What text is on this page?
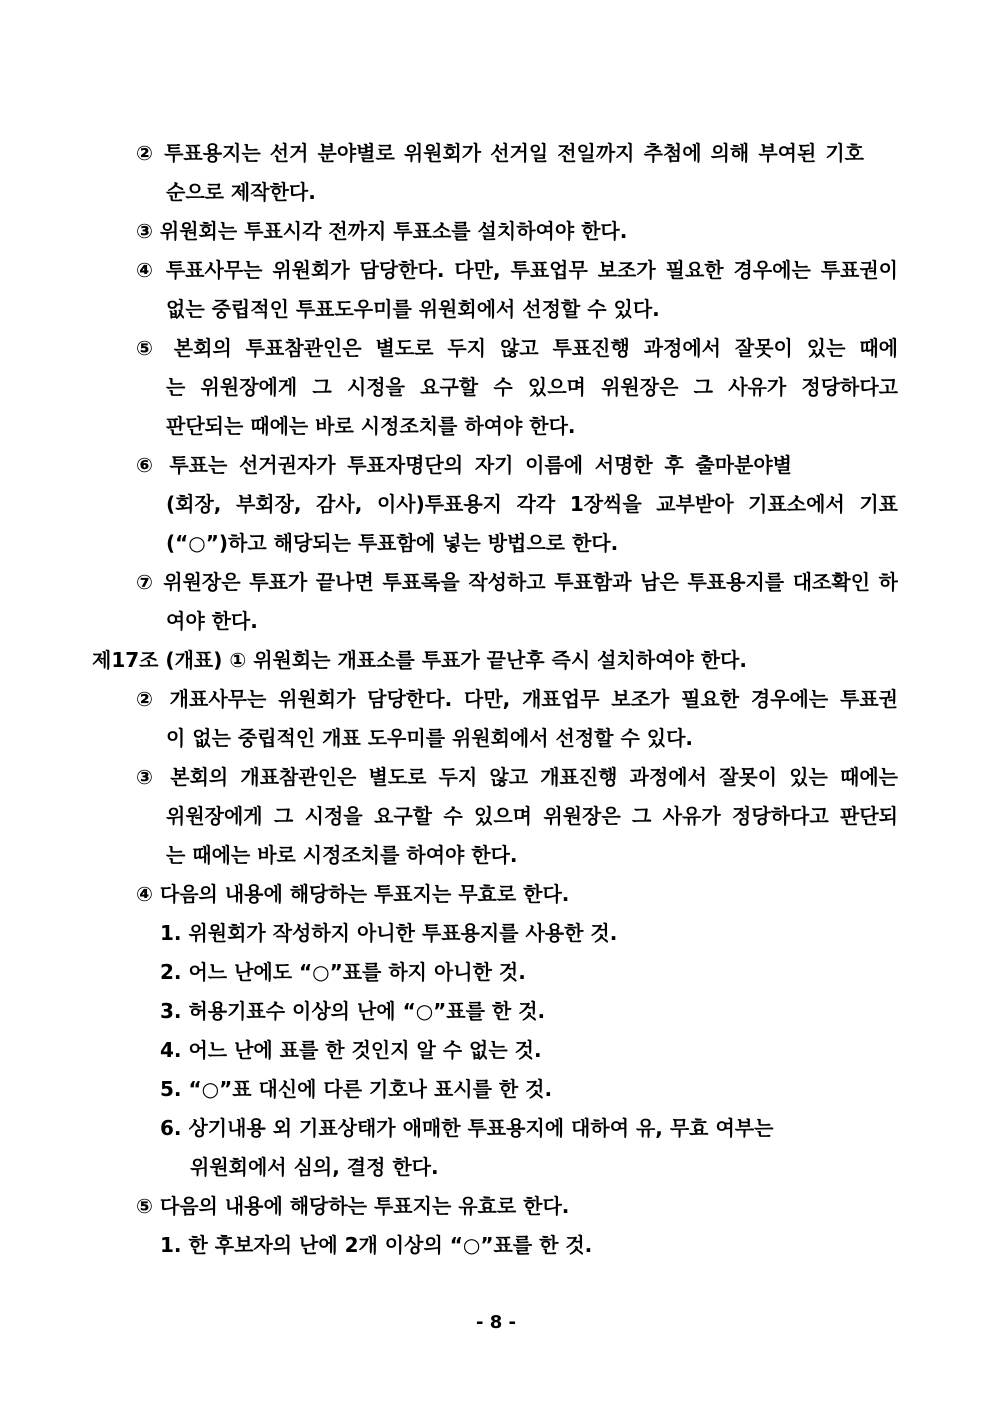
② 투표용지는 선거 분야별로 위원회가 선거일 전일까지 추첨에 의해 부여된 기호
순으로 제작한다.
③ 위원회는 투표시각 전까지 투표소를 설치하여야 한다.
④ 투표사무는 위원회가 담당한다. 다만, 투표업무 보조가 필요한 경우에는 투표권이
없는 중립적인 투표도우미를 위원회에서 선정할 수 있다.
⑤ 본회의 투표참관인은 별도로 두지 않고 투표진행 과정에서 잘못이 있는 때에
는 위원장에게 그 시정을 요구할 수 있으며 위원장은 그 사유가 정당하다고
판단되는 때에는 바로 시정조치를 하여야 한다.
⑥ 투표는 선거권자가 투표자명단의 자기 이름에 서명한 후 출마분야별
(회장, 부회장, 감사, 이사)투표용지 각각 1장씩을 교부받아 기표소에서 기표
(“○”)하고 해당되는 투표함에 넣는 방법으로 한다.
⑦ 위원장은 투표가 끝나면 투표록을 작성하고 투표함과 남은 투표용지를 대조확인 하
여야 한다.
제17조 (개표) ① 위원회는 개표소를 투표가 끝난후 즉시 설치하여야 한다.
② 개표사무는 위원회가 담당한다. 다만, 개표업무 보조가 필요한 경우에는 투표권
이 없는 중립적인 개표 도우미를 위원회에서 선정할 수 있다.
③ 본회의 개표참관인은 별도로 두지 않고 개표진행 과정에서 잘못이 있는 때에는
위원장에게 그 시정을 요구할 수 있으며 위원장은 그 사유가 정당하다고 판단되
는 때에는 바로 시정조치를 하여야 한다.
④ 다음의 내용에 해당하는 투표지는 무효로 한다.
1. 위원회가 작성하지 아니한 투표용지를 사용한 것.
2. 어느 난에도 “○”표를 하지 아니한 것.
3. 허용기표수 이상의 난에 “○”표를 한 것.
4. 어느 난에 표를 한 것인지 알 수 없는 것.
5. “○”표 대신에 다른 기호나 표시를 한 것.
6. 상기내용 외 기표상태가 애매한 투표용지에 대하여 유, 무효 여부는
위원회에서 심의, 결정 한다.
⑤ 다음의 내용에 해당하는 투표지는 유효로 한다.
1. 한 후보자의 난에 2개 이상의 “○”표를 한 것.
- 8 -
